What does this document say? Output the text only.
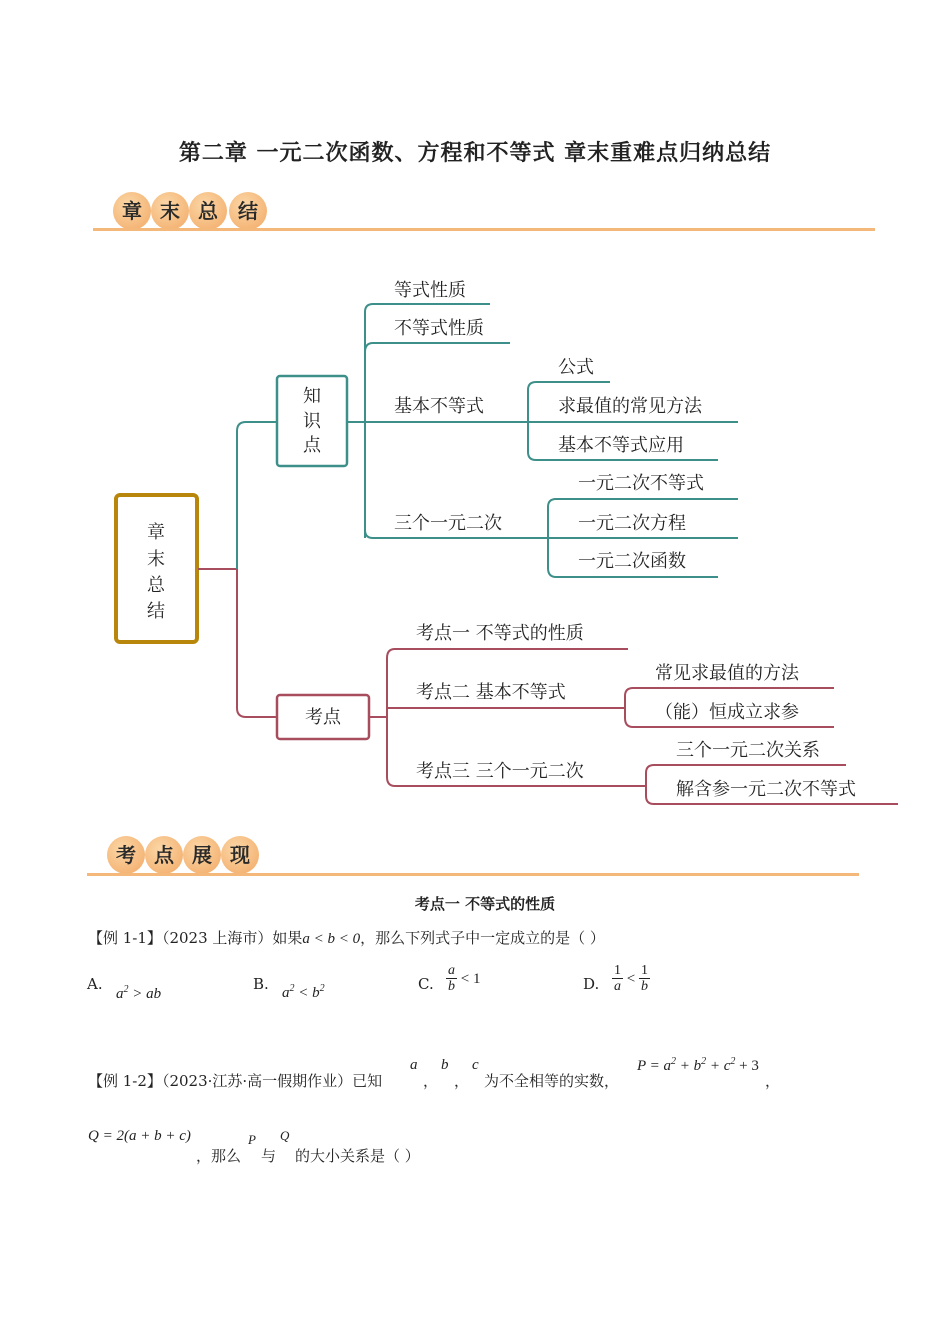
第二章 一元二次函数、方程和不等式 章末重难点归纳总结
章 末 总	结
章
末
总
结
知
识
点
等式性质
不等式性质
基本不等式
三个一元二次
公式
求最值的常见方法
基本不等式应用
一元二次不等式
一元二次方程
一元二次函数
考点
考点一 不等式的性质
考点二 基本不等式
考点三 三个一元二次
常见求最值的方法
（能）恒成立求参
三个一元二次关系
解含参一元二次不等式
考 点 展 现
考点一 不等式的性质
【例 1-1】（2023 上海市）如果a < b < 0，那么下列式子中一定成立的是（ ）
A.
$a^2$ > ab
B. $a^2 < b^2$	C. $\frac{a}{b} < 1$	D. $\frac{1}{a} < \frac{1}{b}$
【例 1-2】（2023·江苏·高一假期作业）已知
a
，
b
，
c
为不全相等的实数，
$P = a^2 + b^2 + c^2 + 3$
，
Q = 2(a + b + c)
，那么
P
与
Q
的大小关系是（ ）
